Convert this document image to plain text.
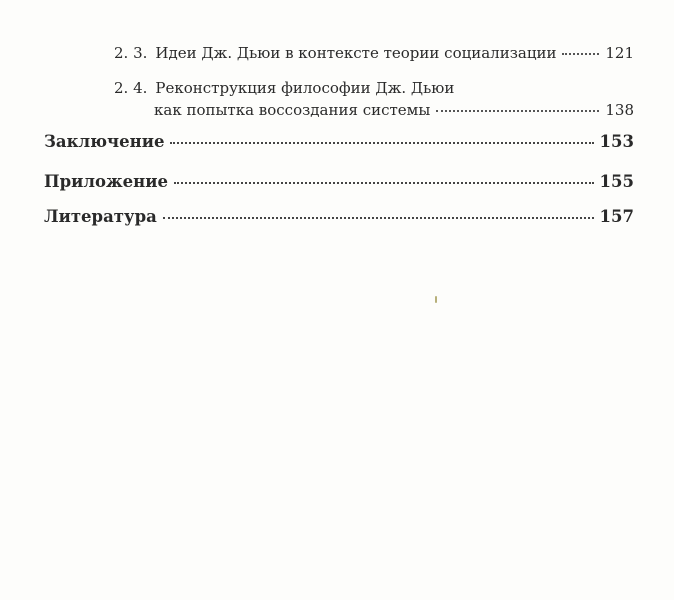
2. 3. Идеи Дж. Дьюи в контексте теории социализации	121
2. 4. Реконструкция философии Дж. Дьюи
как попытка воссоздания системы	138
Заключение	153
Приложение	155
Литература	157
